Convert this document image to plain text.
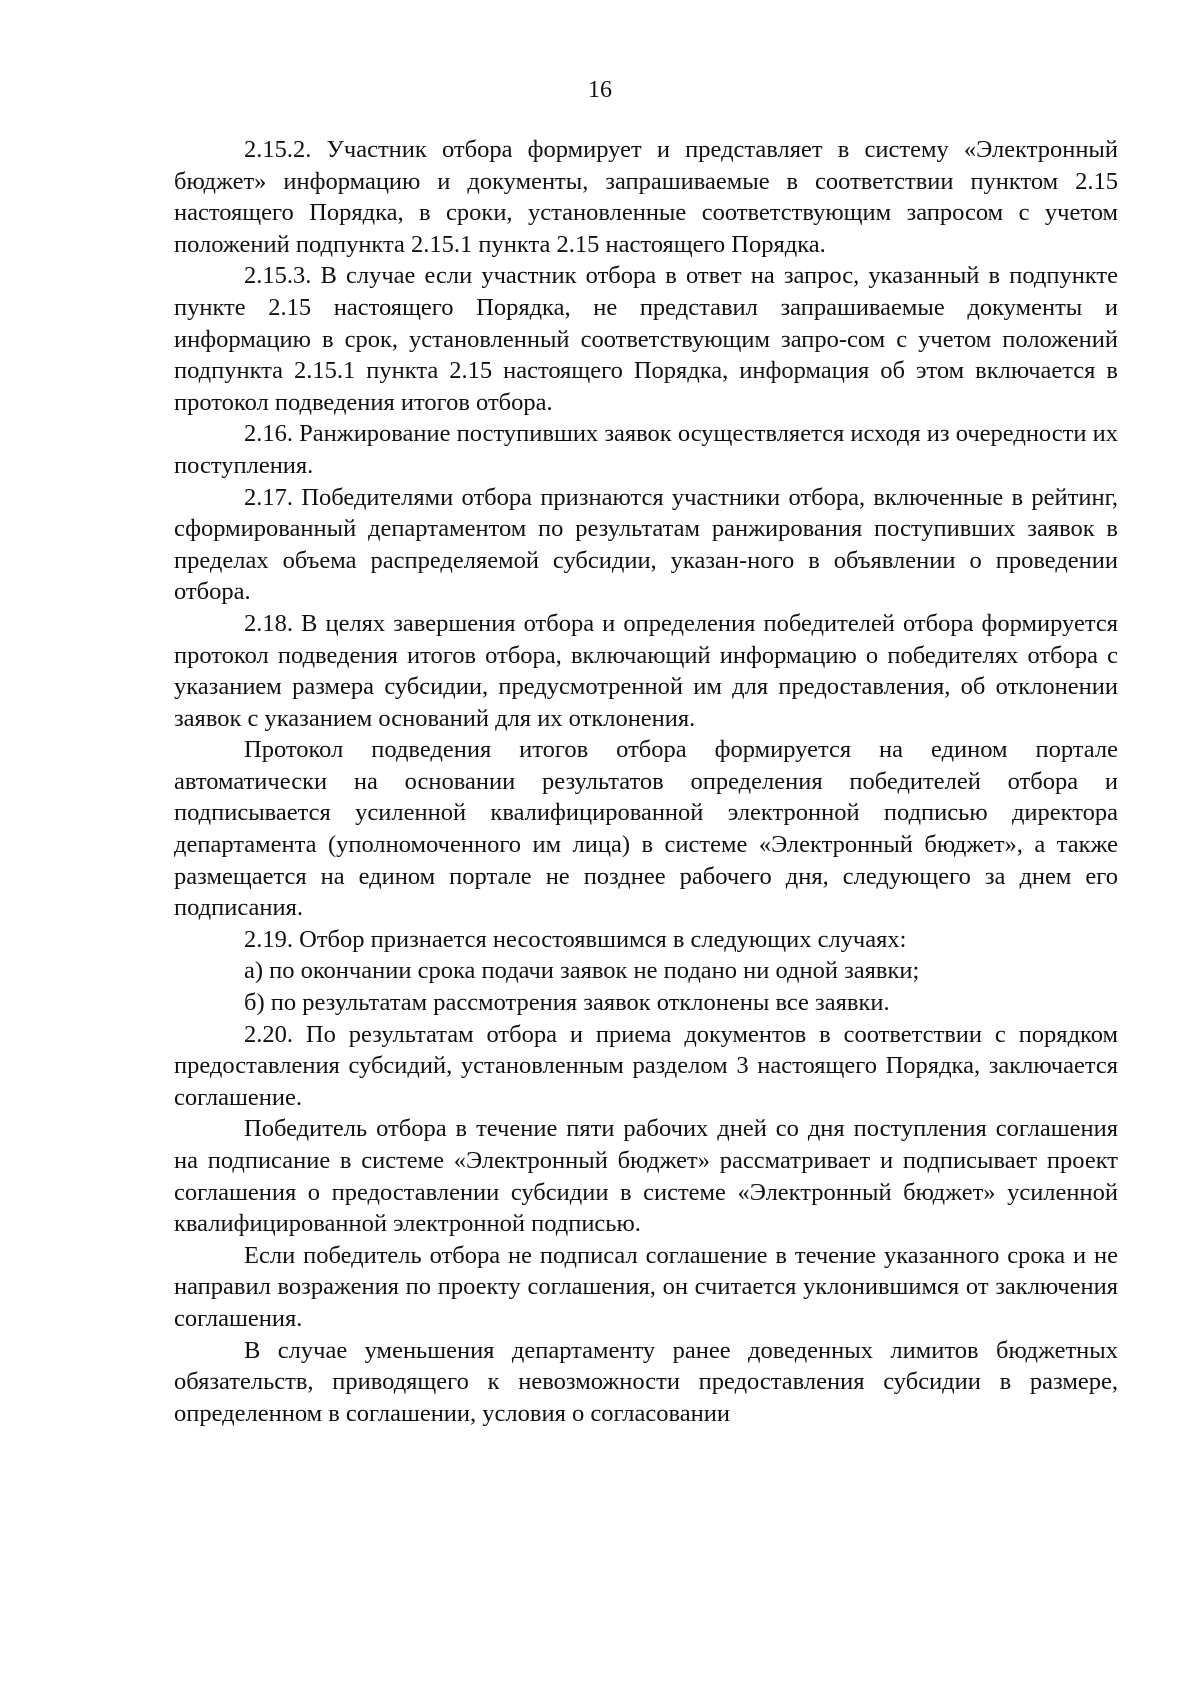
16

2.15.2. Участник отбора формирует и представляет в систему «Электронный бюджет» информацию и документы, запрашиваемые в соответствии пунктом 2.15 настоящего Порядка, в сроки, установленные соответствующим запросом с учетом положений подпункта 2.15.1 пункта 2.15 настоящего Порядка.

2.15.3. В случае если участник отбора в ответ на запрос, указанный в подпункте пункте 2.15 настоящего Порядка, не представил запрашиваемые документы и информацию в срок, установленный соответствующим запро-сом с учетом положений подпункта 2.15.1 пункта 2.15 настоящего Порядка, информация об этом включается в протокол подведения итогов отбора.

2.16. Ранжирование поступивших заявок осуществляется исходя из очередности их поступления.

2.17. Победителями отбора признаются участники отбора, включенные в рейтинг, сформированный департаментом по результатам ранжирования поступивших заявок в пределах объема распределяемой субсидии, указан-ного в объявлении о проведении отбора.

2.18. В целях завершения отбора и определения победителей отбора формируется протокол подведения итогов отбора, включающий информацию о победителях отбора с указанием размера субсидии, предусмотренной им для предоставления, об отклонении заявок с указанием оснований для их отклонения.

Протокол подведения итогов отбора формируется на едином портале автоматически на основании результатов определения победителей отбора и подписывается усиленной квалифицированной электронной подписью директора департамента (уполномоченного им лица) в системе «Электронный бюджет», а также размещается на едином портале не позднее рабочего дня, следующего за днем его подписания.

2.19. Отбор признается несостоявшимся в следующих случаях:

а) по окончании срока подачи заявок не подано ни одной заявки;

б) по результатам рассмотрения заявок отклонены все заявки.

2.20. По результатам отбора и приема документов в соответствии с порядком предоставления субсидий, установленным разделом 3 настоящего Порядка, заключается соглашение.

Победитель отбора в течение пяти рабочих дней со дня поступления соглашения на подписание в системе «Электронный бюджет» рассматривает и подписывает проект соглашения о предоставлении субсидии в системе «Электронный бюджет» усиленной квалифицированной электронной подписью.

Если победитель отбора не подписал соглашение в течение указанного срока и не направил возражения по проекту соглашения, он считается уклонившимся от заключения соглашения.

В случае уменьшения департаменту ранее доведенных лимитов бюджетных обязательств, приводящего к невозможности предоставления субсидии в размере, определенном в соглашении, условия о согласовании
